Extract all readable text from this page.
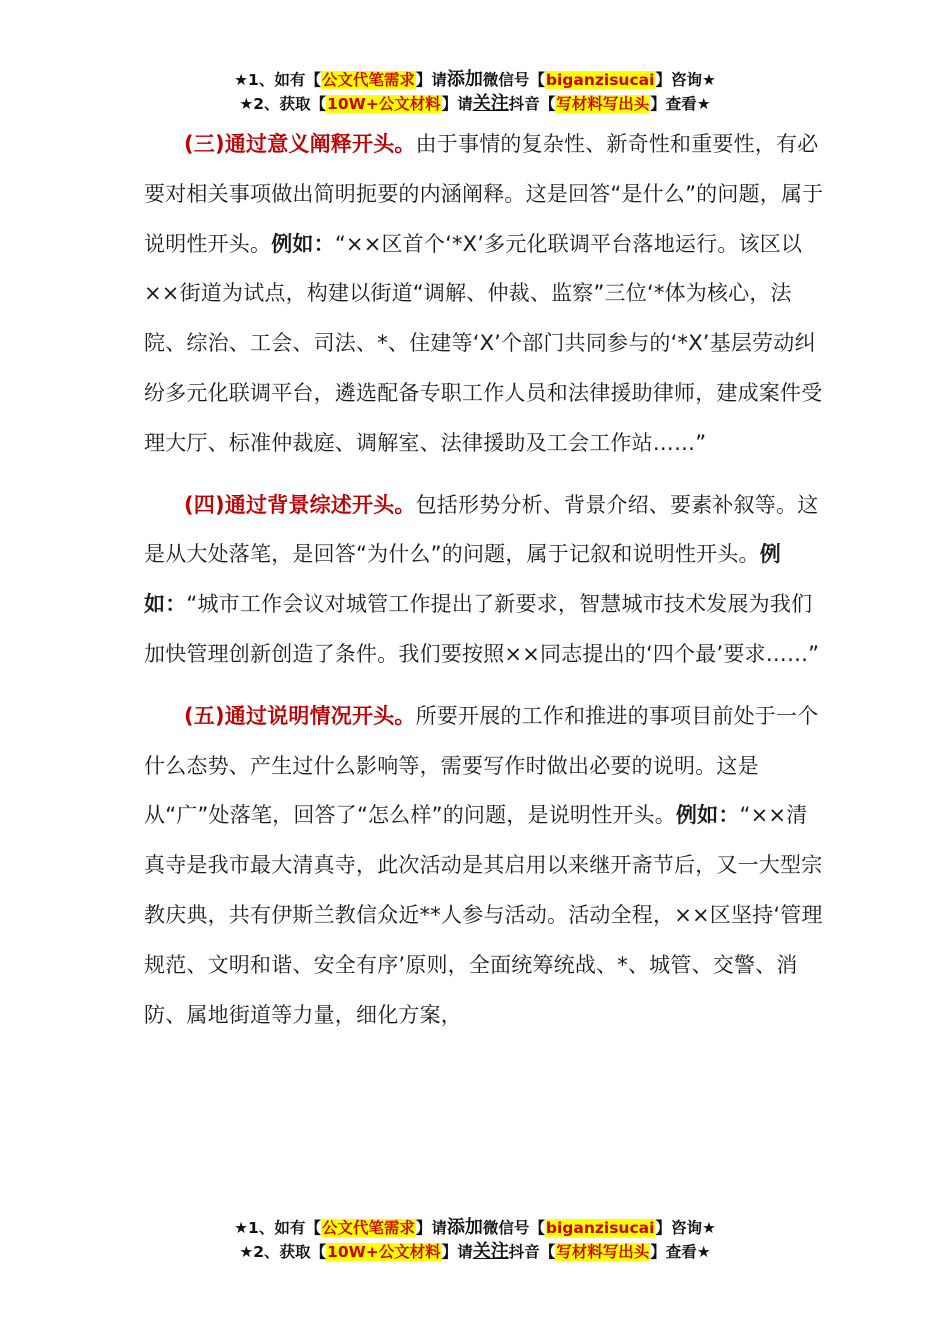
★1、如有【公文代笔需求】请添加微信号【biganzisucai】咨询★
★2、获取【10W+公文材料】请关注抖音【写材料写出头】查看★

(三)通过意义阐释开头。由于事情的复杂性、新奇性和重要性，有必要对相关事项做出简明扼要的内涵阐释。这是回答“是什么”的问题，属于说明性开头。例如：“××区首个‘*X’多元化联调平台落地运行。该区以××街道为试点，构建以街道“调解、仲裁、监察”三位‘*体为核心，法院、综治、工会、司法、*、住建等‘X’个部门共同参与的‘*X’基层劳动纠纷多元化联调平台，遴选配备专职工作人员和法律援助律师，建成案件受理大厅、标准仲裁庭、调解室、法律援助及工会工作站……”

(四)通过背景综述开头。包括形势分析、背景介绍、要素补叙等。这是从大处落笔，是回答“为什么”的问题，属于记叙和说明性开头。例如：“城市工作会议对城管工作提出了新要求，智慧城市技术发展为我们加快管理创新创造了条件。我们要按照××同志提出的‘四个最’要求……”

(五)通过说明情况开头。所要开展的工作和推进的事项目前处于一个什么态势、产生过什么影响等，需要写作时做出必要的说明。这是从“广”处落笔，回答了“怎么样”的问题，是说明性开头。例如：“××清真寺是我市最大清真寺，此次活动是其启用以来继开斋节后，又一大型宗教庆典，共有伊斯兰教信众近**人参与活动。活动全程，××区坚持‘管理规范、文明和谐、安全有序’原则，全面统筹统战、*、城管、交警、消防、属地街道等力量，细化方案，

★1、如有【公文代笔需求】请添加微信号【biganzisucai】咨询★
★2、获取【10W+公文材料】请关注抖音【写材料写出头】查看★
